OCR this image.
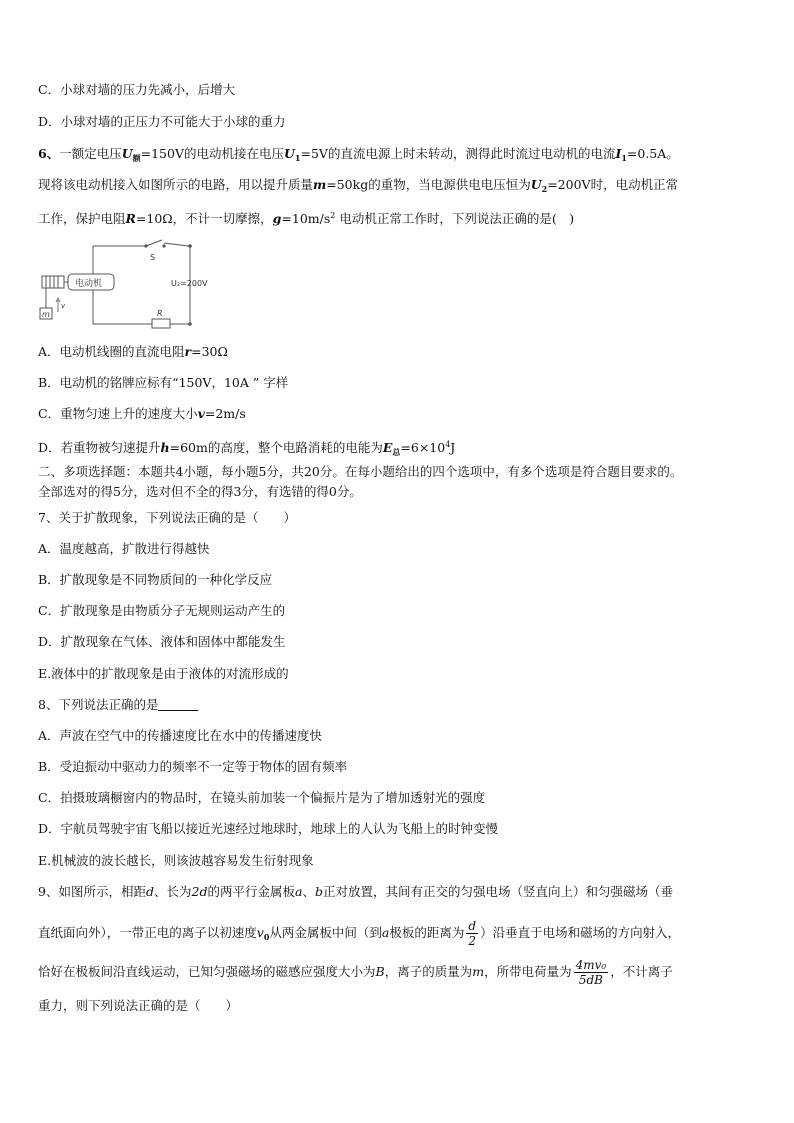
C．小球对墙的压力先减小，后增大
D．小球对墙的正压力不可能大于小球的重力
6、一额定电压$U_额=150V$的电动机接在电压$U_1=5V$的直流电源上时未转动，测得此时流过电动机的电流$I_1=0.5A$。
现将该电动机接入如图所示的电路，用以提升质量m=50kg的重物，当电源供电电压恒为$U_2=200V$时，电动机正常
工作，保护电阻R=10Ω，不计一切摩擦，$g=10m/s^2$ 电动机正常工作时，下列说法正确的是(　)
S
U₂=200V
R
电动机
m
v
A．电动机线圈的直流电阻r=30Ω
B．电动机的铭牌应标有“150V，10A ” 字样
C．重物匀速上升的速度大小v=2m/s
D．若重物被匀速提升h=60m的高度，整个电路消耗的电能为$E_总=6\times 10^4J$
二、多项选择题：本题共4小题，每小题5分，共20分。在每小题给出的四个选项中，有多个选项是符合题目要求的。
全部选对的得5分，选对但不全的得3分，有选错的得0分。
7、关于扩散现象，下列说法正确的是（　　）
A．温度越高，扩散进行得越快
B．扩散现象是不同物质间的一种化学反应
C．扩散现象是由物质分子无规则运动产生的
D．扩散现象在气体、液体和固体中都能发生
E.液体中的扩散现象是由于液体的对流形成的
8、下列说法正确的是
A．声波在空气中的传播速度比在水中的传播速度快
B．受迫振动中驱动力的频率不一定等于物体的固有频率
C．拍摄玻璃橱窗内的物品时，在镜头前加装一个偏振片是为了增加透射光的强度
D．宇航员驾驶宇宙飞船以接近光速经过地球时，地球上的人认为飞船上的时钟变慢
E.机械波的波长越长，则该波越容易发生衍射现象
9、如图所示，相距d、长为2d的两平行金属板a、b正对放置，其间有正交的匀强电场（竖直向上）和匀强磁场（垂
直纸面向外），一带正电的离子以初速度$v_0$从两金属板中间（到a极板的距离为 $\frac{d}{2}$ ）沿垂直于电场和磁场的方向射入，
恰好在极板间沿直线运动，已知匀强磁场的磁感应强度大小为B，离子的质量为m，所带电荷量为 $\frac{\text{4mv₀}}{5dB}$ ，不计离子
重力，则下列说法正确的是（　　）
